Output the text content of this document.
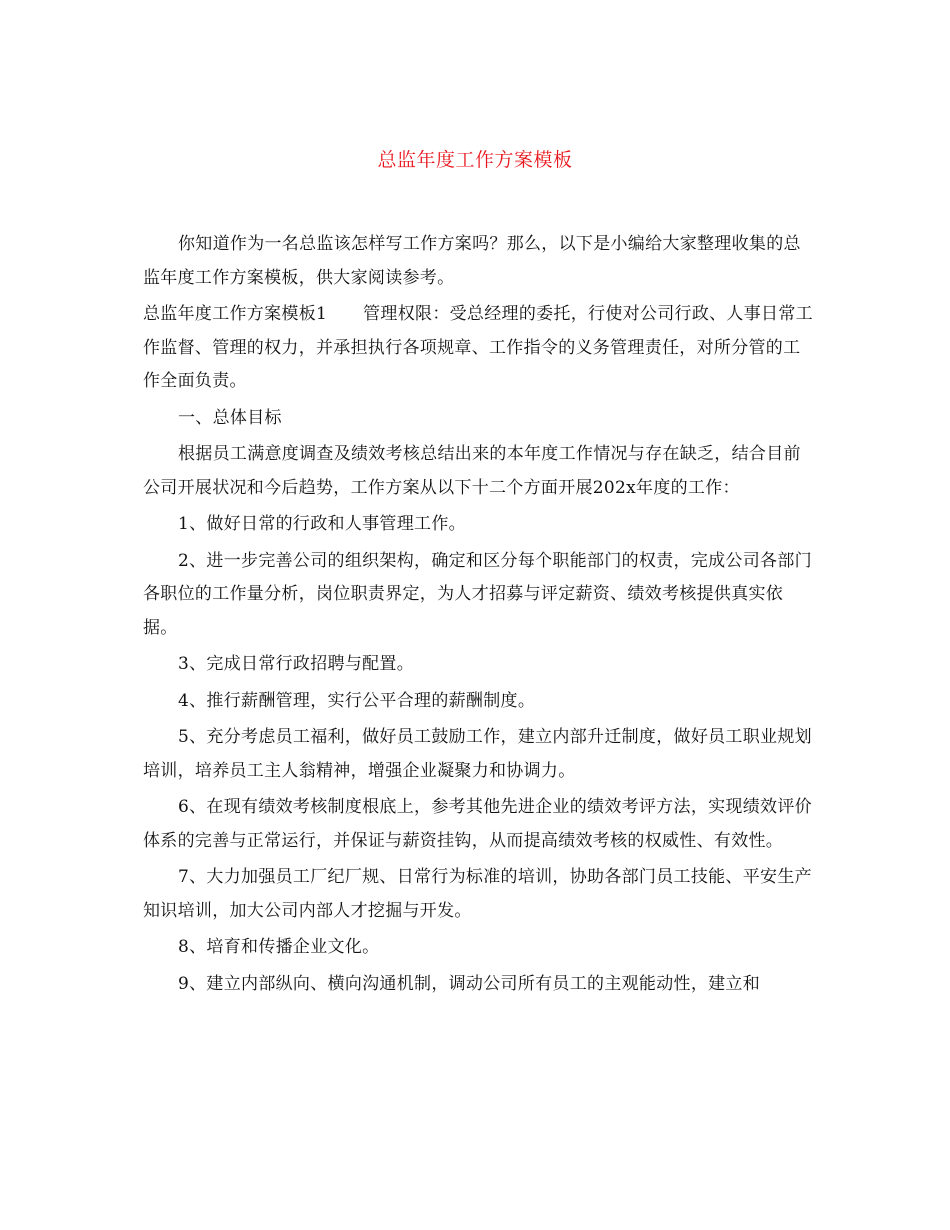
总监年度工作方案模板

你知道作为一名总监该怎样写工作方案吗？那么，以下是小编给大家整理收集的总监年度工作方案模板，供大家阅读参考。

总监年度工作方案模板1 管理权限：受总经理的委托，行使对公司行政、人事日常工作监督、管理的权力，并承担执行各项规章、工作指令的义务管理责任，对所分管的工作全面负责。

一、总体目标

根据员工满意度调查及绩效考核总结出来的本年度工作情况与存在缺乏，结合目前公司开展状况和今后趋势，工作方案从以下十二个方面开展202x年度的工作：

1、做好日常的行政和人事管理工作。

2、进一步完善公司的组织架构，确定和区分每个职能部门的权责，完成公司各部门各职位的工作量分析，岗位职责界定，为人才招募与评定薪资、绩效考核提供真实依据。

3、完成日常行政招聘与配置。

4、推行薪酬管理，实行公平合理的薪酬制度。

5、充分考虑员工福利，做好员工鼓励工作，建立内部升迁制度，做好员工职业规划培训，培养员工主人翁精神，增强企业凝聚力和协调力。

6、在现有绩效考核制度根底上，参考其他先进企业的绩效考评方法，实现绩效评价体系的完善与正常运行，并保证与薪资挂钩，从而提高绩效考核的权威性、有效性。

7、大力加强员工厂纪厂规、日常行为标准的培训，协助各部门员工技能、平安生产知识培训，加大公司内部人才挖掘与开发。

8、培育和传播企业文化。

9、建立内部纵向、横向沟通机制，调动公司所有员工的主观能动性，建立和
